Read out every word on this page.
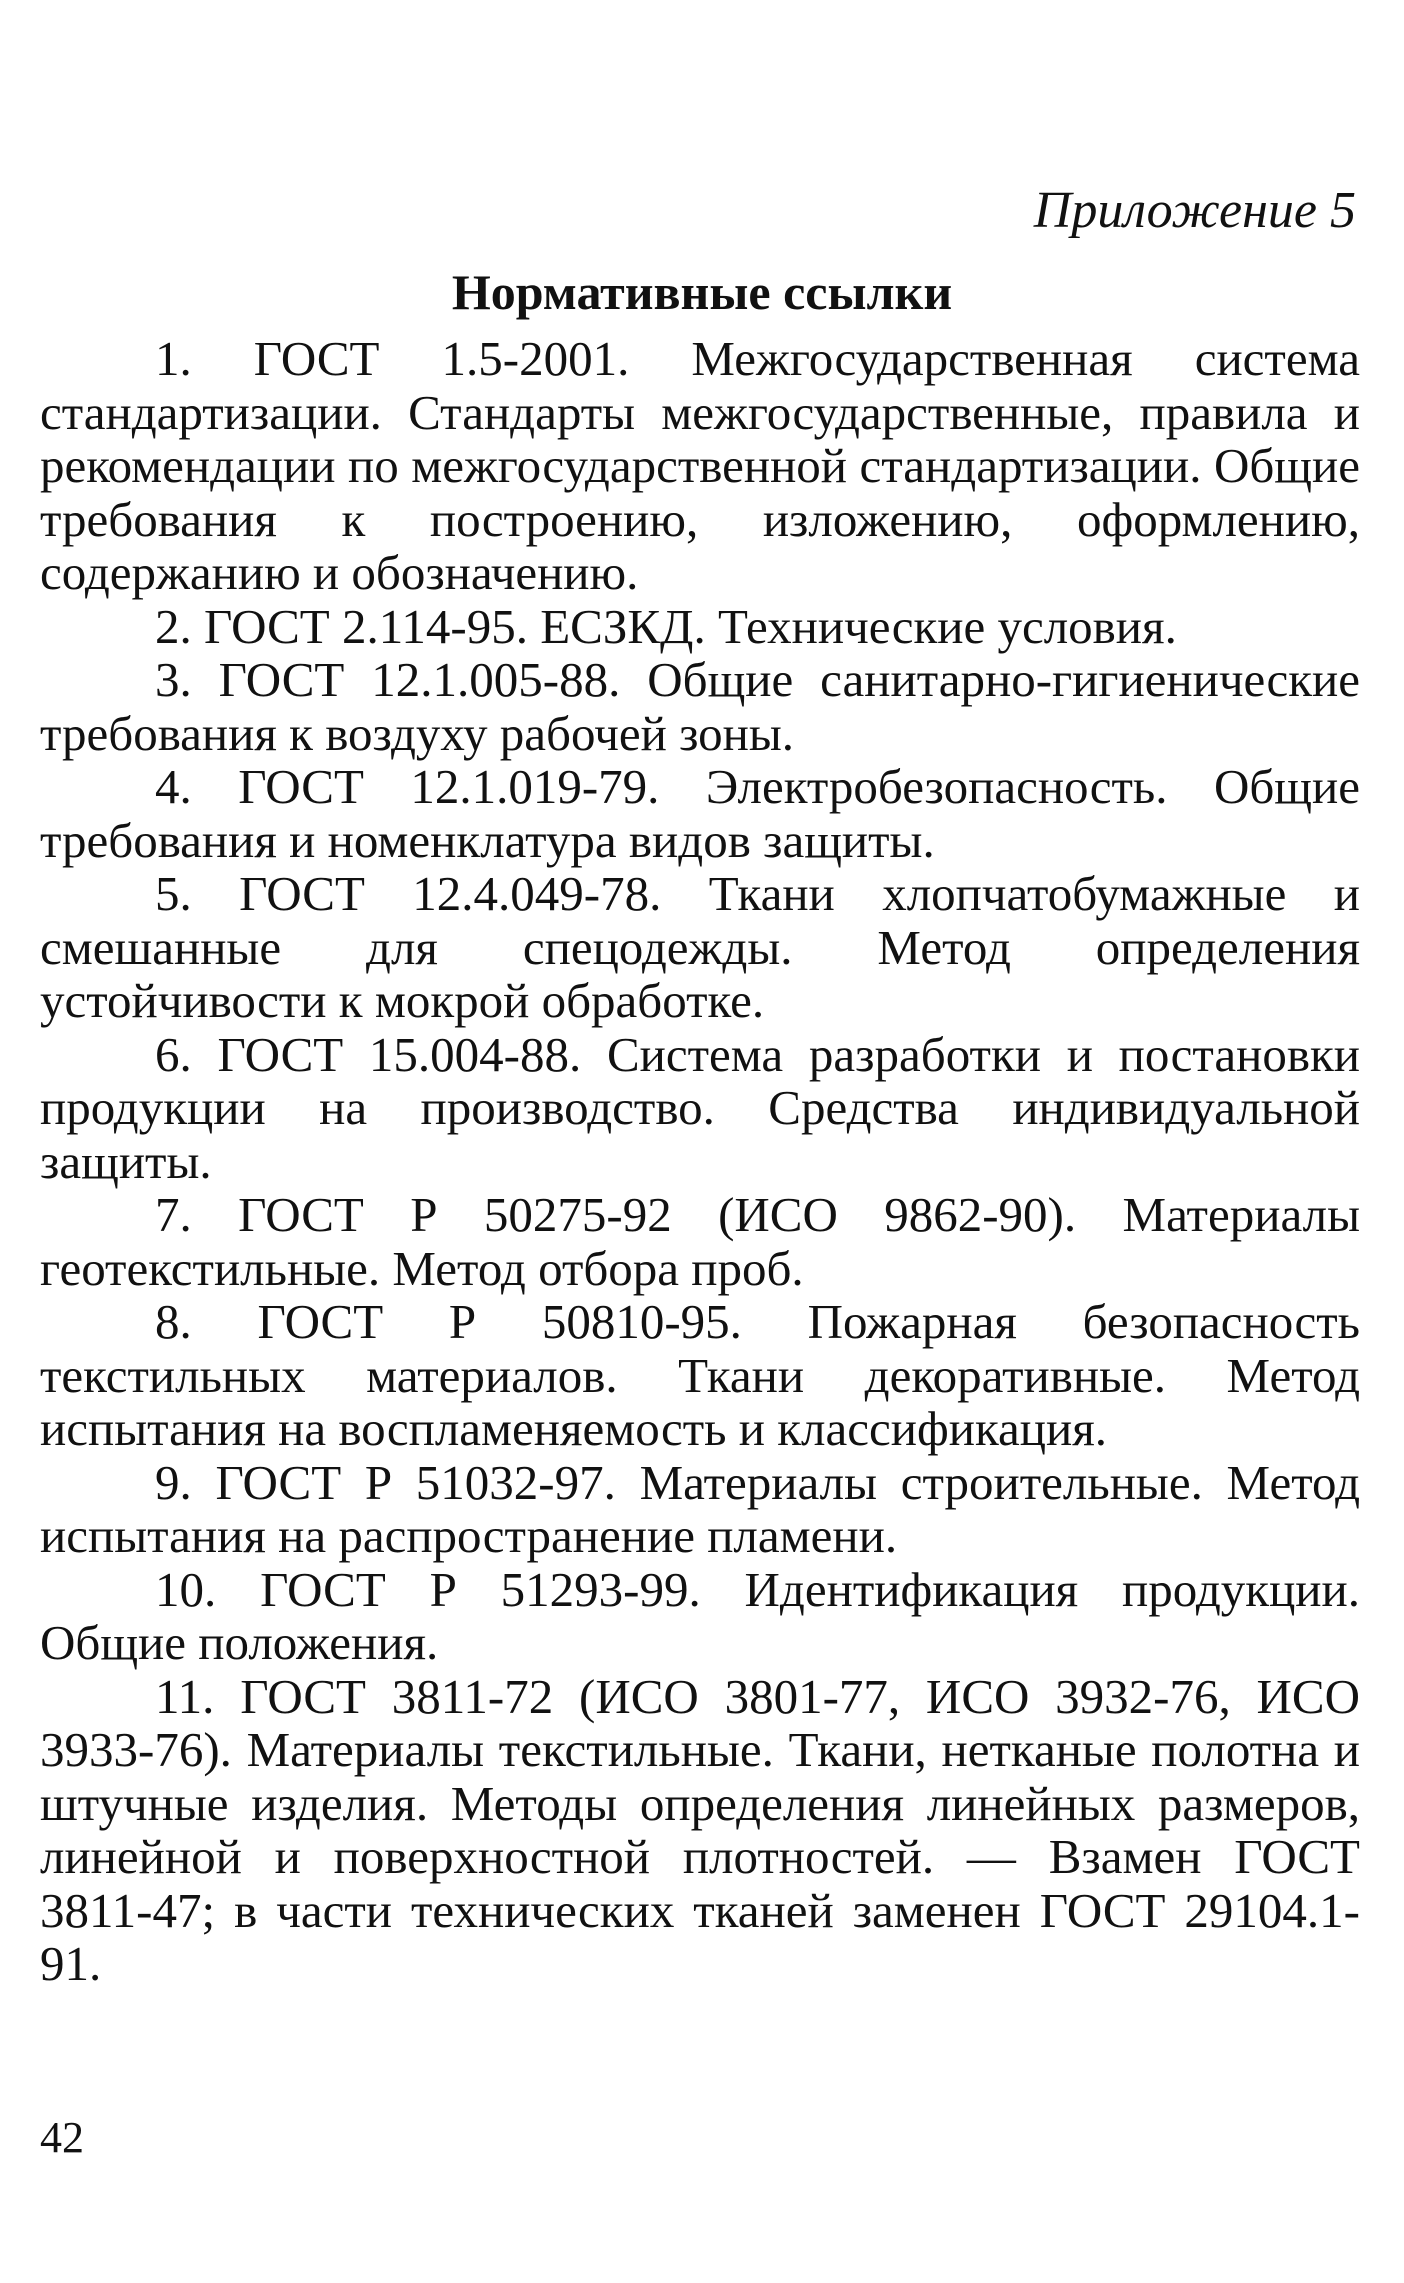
Приложение 5
Нормативные ссылки

1. ГОСТ 1.5-2001. Межгосударственная система стандартизации. Стандарты межгосударственные, правила и рекомендации по межгосударственной стандартизации. Общие требования к построению, изложению, оформлению, содержанию и обозначению.

2. ГОСТ 2.114-95. ЕСЗКД. Технические условия.

3. ГОСТ 12.1.005-88. Общие санитарно-гигиенические требования к воздуху рабочей зоны.

4. ГОСТ 12.1.019-79. Электробезопасность. Общие требования и номенклатура видов защиты.

5. ГОСТ 12.4.049-78. Ткани хлопчатобумажные и смешанные для спецодежды. Метод определения устойчивости к мокрой обработке.

6. ГОСТ 15.004-88. Система разработки и постановки продукции на производство. Средства индивидуальной защиты.

7. ГОСТ Р 50275-92 (ИСО 9862-90). Материалы геотекстильные. Метод отбора проб.

8. ГОСТ Р 50810-95. Пожарная безопасность текстильных материалов. Ткани декоративные. Метод испытания на воспламеняемость и классификация.

9. ГОСТ Р 51032-97. Материалы строительные. Метод испытания на распространение пламени.

10. ГОСТ Р 51293-99. Идентификация продукции. Общие положения.

11. ГОСТ 3811-72 (ИСО 3801-77, ИСО 3932-76, ИСО 3933-76). Материалы текстильные. Ткани, нетканые полотна и штучные изделия. Методы определения линейных размеров, линейной и поверхностной плотностей. — Взамен ГОСТ 3811-47; в части технических тканей заменен ГОСТ 29104.1-91.

42
